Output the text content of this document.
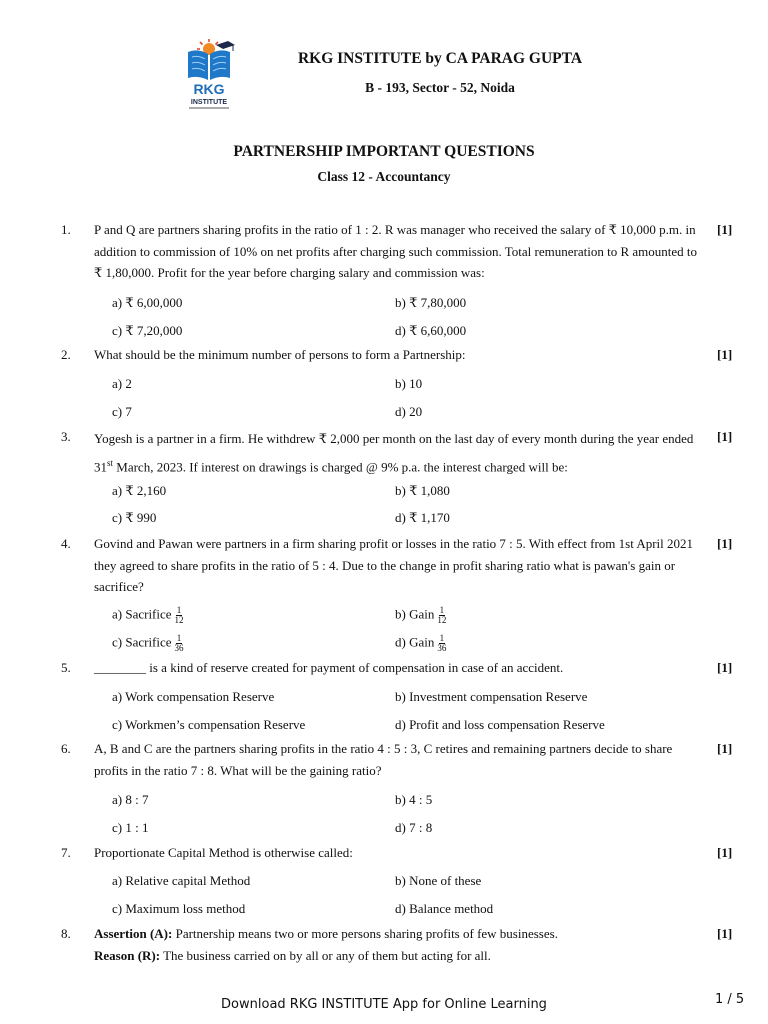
RKG
INSTITUTE
RKG INSTITUTE by CA PARAG GUPTA
B - 193, Sector - 52, Noida
PARTNERSHIP IMPORTANT QUESTIONS
Class 12 - Accountancy
1. P and Q are partners sharing profits in the ratio of 1 : 2. R was manager who received the salary of ₹ 10,000 p.m. in addition to commission of 10% on net profits after charging such commission. Total remuneration to R amounted to ₹ 1,80,000. Profit for the year before charging salary and commission was:
[1]
a) ₹ 6,00,000	b) ₹ 7,80,000
c) ₹ 7,20,000	d) ₹ 6,60,000
2. What should be the minimum number of persons to form a Partnership:	[1]
a) 2	b) 10
c) 7	d) 20
3. Yogesh is a partner in a firm. He withdrew ₹ 2,000 per month on the last day of every month during the year ended 31st March, 2023. If interest on drawings is charged @ 9% p.a. the interest charged will be:
[1]
a) ₹ 2,160	b) ₹ 1,080
c) ₹ 990	d) ₹ 1,170
4. Govind and Pawan were partners in a firm sharing profit or losses in the ratio 7 : 5. With effect from 1st April 2021 they agreed to share profits in the ratio of 5 : 4. Due to the change in profit sharing ratio what is pawan's gain or sacrifice?
[1]
a) Sacrifice $\frac{1}{12}$	b) Gain $\frac{1}{12}$
c) Sacrifice $\frac{1}{36}$	d) Gain $\frac{1}{36}$
5. ________ is a kind of reserve created for payment of compensation in case of an accident.	[1]
a) Work compensation Reserve	b) Investment compensation Reserve
c) Workmen’s compensation Reserve	d) Profit and loss compensation Reserve
6. A, B and C are the partners sharing profits in the ratio 4 : 5 : 3, C retires and remaining partners decide to share profits in the ratio 7 : 8. What will be the gaining ratio?
[1]
a) 8 : 7	b) 4 : 5
c) 1 : 1	d) 7 : 8
7. Proportionate Capital Method is otherwise called:	[1]
a) Relative capital Method	b) None of these
c) Maximum loss method	d) Balance method
8. Assertion (A): Partnership means two or more persons sharing profits of few businesses.
Reason (R): The business carried on by all or any of them but acting for all.
[1]
Download RKG INSTITUTE App for Online Learning	1 / 5
